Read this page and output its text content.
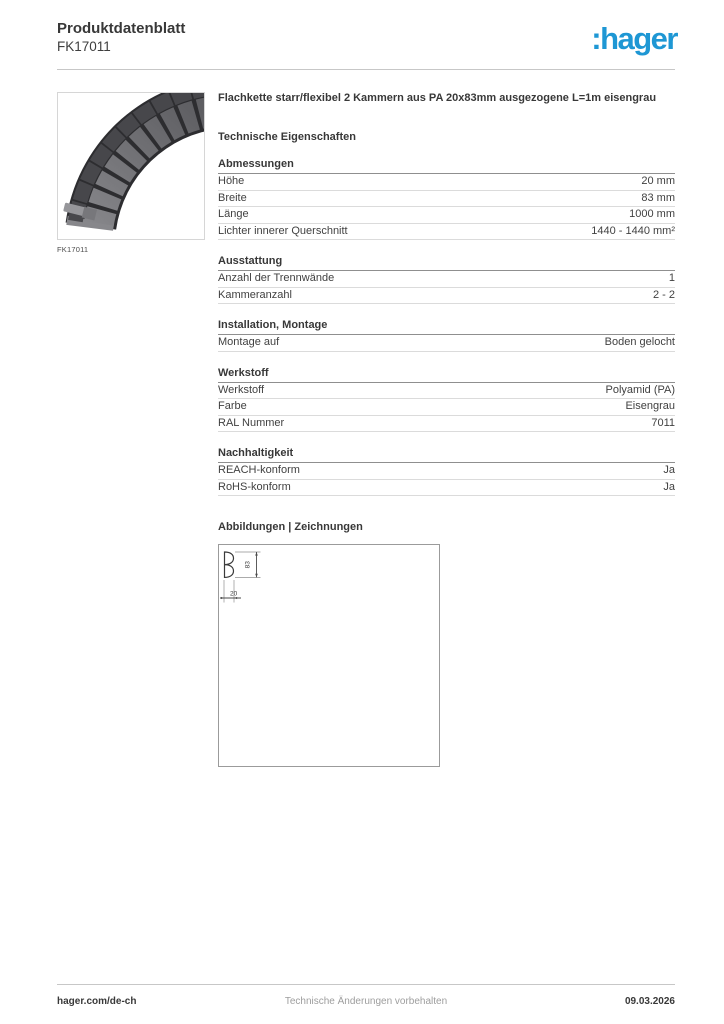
Produktdatenblatt
FK17011	:hager
FK17011
Flachkette starr/flexibel 2 Kammern aus PA 20x83mm ausgezogene L=1m eisengrau
Technische Eigenschaften
Abmessungen
Höhe	20 mm
Breite	83 mm
Länge	1000 mm
Lichter innerer Querschnitt	1440 - 1440 mm²
Ausstattung
Anzahl der Trennwände	1
Kammeranzahl	2 - 2
Installation, Montage
Montage auf	Boden gelocht
Werkstoff
Werkstoff	Polyamid (PA)
Farbe	Eisengrau
RAL Nummer	7011
Nachhaltigkeit
REACH-konform	Ja
RoHS-konform	Ja
Abbildungen | Zeichnungen
83
20
hager.com/de-ch	Technische Änderungen vorbehalten	09.03.2026
